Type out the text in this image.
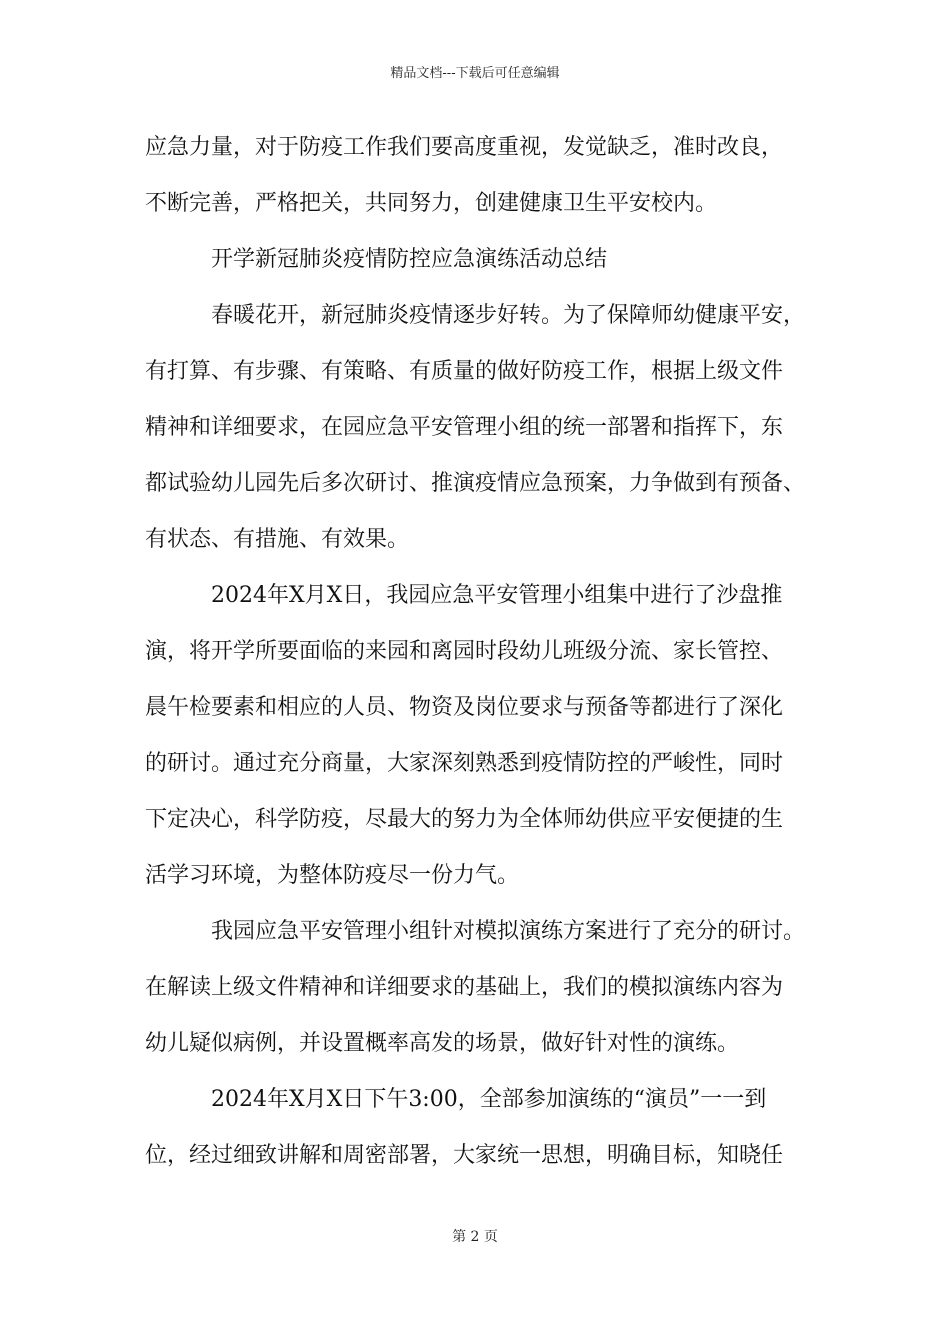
精品文档---下载后可任意编辑
应急力量，对于防疫工作我们要高度重视，发觉缺乏，准时改良，
不断完善，严格把关，共同努力，创建健康卫生平安校内。
开学新冠肺炎疫情防控应急演练活动总结
春暖花开，新冠肺炎疫情逐步好转。为了保障师幼健康平安，
有打算、有步骤、有策略、有质量的做好防疫工作，根据上级文件
精神和详细要求，在园应急平安管理小组的统一部署和指挥下，东
都试验幼儿园先后多次研讨、推演疫情应急预案，力争做到有预备、
有状态、有措施、有效果。
2024年X月X日，我园应急平安管理小组集中进行了沙盘推
演，将开学所要面临的来园和离园时段幼儿班级分流、家长管控、
晨午检要素和相应的人员、物资及岗位要求与预备等都进行了深化
的研讨。通过充分商量，大家深刻熟悉到疫情防控的严峻性，同时
下定决心，科学防疫，尽最大的努力为全体师幼供应平安便捷的生
活学习环境，为整体防疫尽一份力气。
我园应急平安管理小组针对模拟演练方案进行了充分的研讨。
在解读上级文件精神和详细要求的基础上，我们的模拟演练内容为
幼儿疑似病例，并设置概率高发的场景，做好针对性的演练。
2024年X月X日下午3:00，全部参加演练的“演员”一一到
位，经过细致讲解和周密部署，大家统一思想，明确目标，知晓任
第 2 页
